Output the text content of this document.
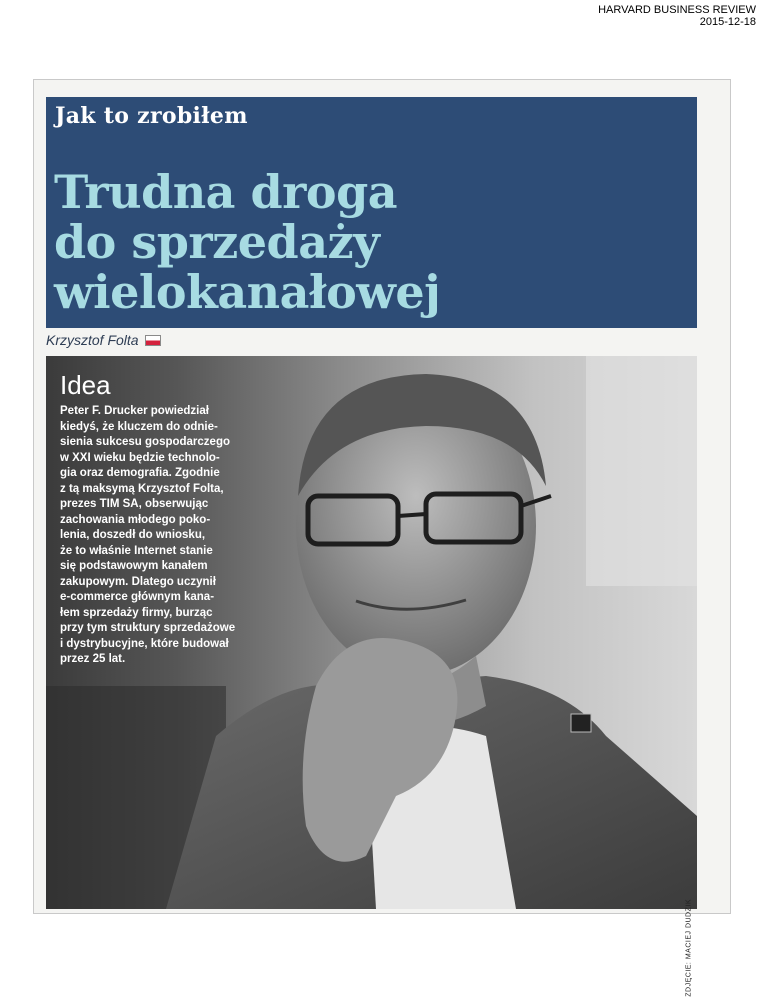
HARVARD BUSINESS REVIEW
2015-12-18
Jak to zrobiłem
Trudna droga
do sprzedaży
wielokanałowej
Krzysztof Folta
Idea

Peter F. Drucker powiedział
kiedyś, że kluczem do odnie-
sienia sukcesu gospodarczego
w XXI wieku będzie technolo-
gia oraz demografia. Zgodnie
z tą maksymą Krzysztof Folta,
prezes TIM SA, obserwując
zachowania młodego poko-
lenia, doszedł do wniosku,
że to właśnie Internet stanie
się podstawowym kanałem
zakupowym. Dlatego uczynił
e-commerce głównym kana-
łem sprzedaży firmy, burząc
przy tym struktury sprzedażowe
i dystrybucyjne, które budował
przez 25 lat.

ZDJĘCIE: MACIEJ DUDZIK
